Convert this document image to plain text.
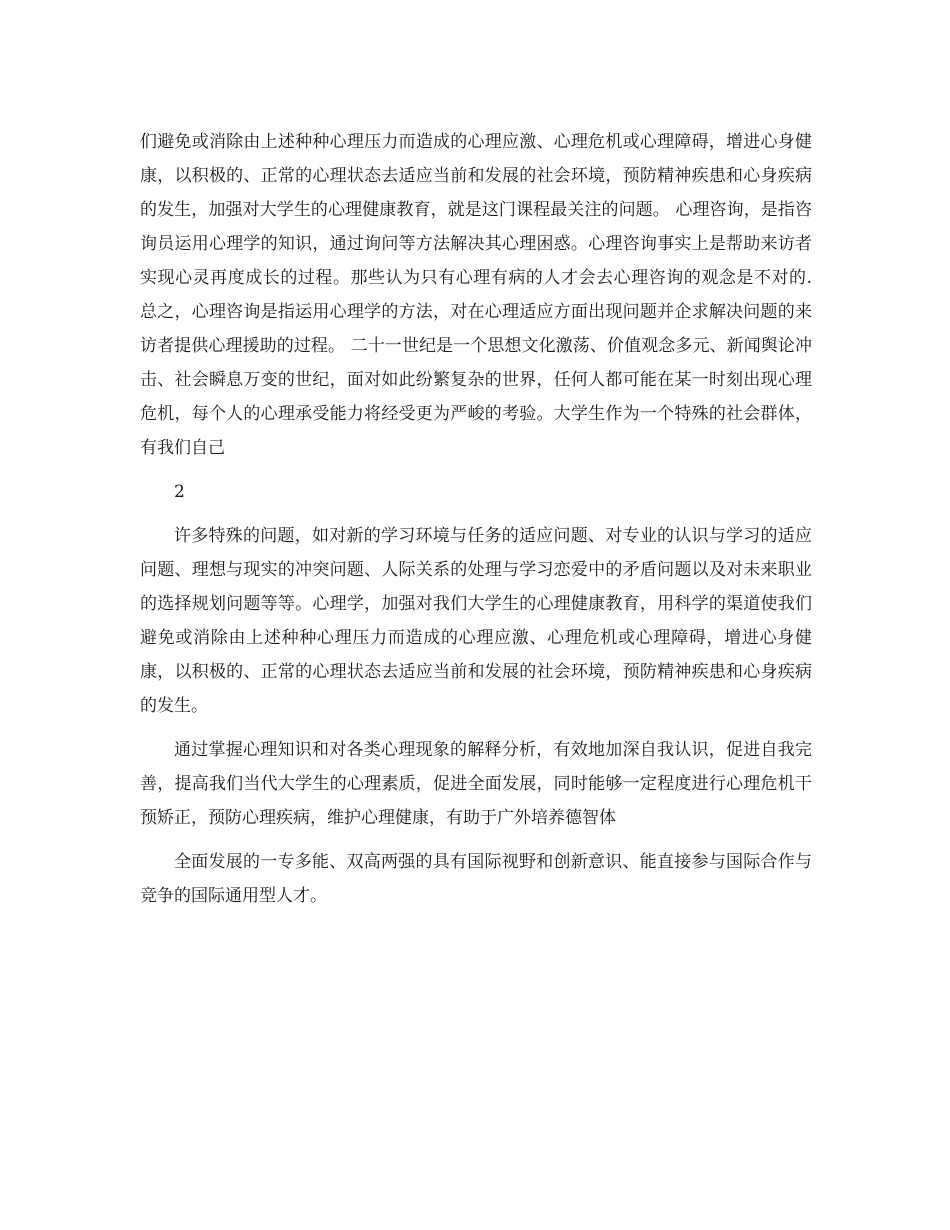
们避免或消除由上述种种心理压力而造成的心理应激、心理危机或心理障碍，增进心身健康，以积极的、正常的心理状态去适应当前和发展的社会环境，预防精神疾患和心身疾病的发生，加强对大学生的心理健康教育，就是这门课程最关注的问题。 心理咨询，是指咨询员运用心理学的知识，通过询问等方法解决其心理困惑。心理咨询事实上是帮助来访者实现心灵再度成长的过程。那些认为只有心理有病的人才会去心理咨询的观念是不对的. 总之，心理咨询是指运用心理学的方法，对在心理适应方面出现问题并企求解决问题的来访者提供心理援助的过程。 二十一世纪是一个思想文化激荡、价值观念多元、新闻舆论冲击、社会瞬息万变的世纪，面对如此纷繁复杂的世界，任何人都可能在某一时刻出现心理危机，每个人的心理承受能力将经受更为严峻的考验。大学生作为一个特殊的社会群体，有我们自己

2

许多特殊的问题，如对新的学习环境与任务的适应问题、对专业的认识与学习的适应问题、理想与现实的冲突问题、人际关系的处理与学习恋爱中的矛盾问题以及对未来职业的选择规划问题等等。心理学，加强对我们大学生的心理健康教育，用科学的渠道使我们避免或消除由上述种种心理压力而造成的心理应激、心理危机或心理障碍，增进心身健康，以积极的、正常的心理状态去适应当前和发展的社会环境，预防精神疾患和心身疾病的发生。

通过掌握心理知识和对各类心理现象的解释分析，有效地加深自我认识，促进自我完善，提高我们当代大学生的心理素质，促进全面发展，同时能够一定程度进行心理危机干预矫正，预防心理疾病，维护心理健康，有助于广外培养德智体

全面发展的一专多能、双高两强的具有国际视野和创新意识、能直接参与国际合作与竞争的国际通用型人才。
